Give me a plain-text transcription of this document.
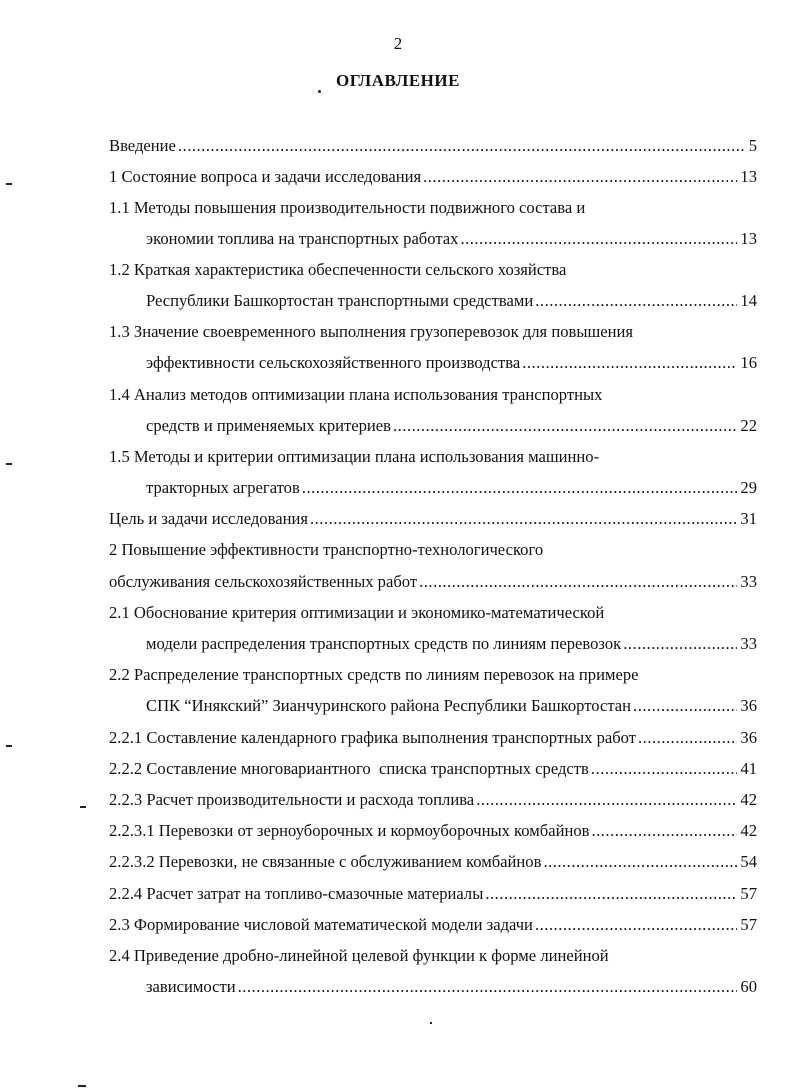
2
ОГЛАВЛЕНИЕ
Введение .....	5
1 Состояние вопроса и задачи исследования .....	13
1.1 Методы повышения производительности подвижного состава и
экономии топлива на транспортных работах .....	13
1.2 Краткая характеристика обеспеченности сельского хозяйства
Республики Башкортостан транспортными средствами .....	14
1.3 Значение своевременного выполнения грузоперевозок для повышения
эффективности сельскохозяйственного производства .....	16
1.4 Анализ методов оптимизации плана использования транспортных
средств и применяемых критериев .....	22
1.5 Методы и критерии оптимизации плана использования машинно-
тракторных агрегатов .....	29
Цель и задачи исследования .....	31
2 Повышение эффективности транспортно-технологического
обслуживания сельскохозяйственных работ .....	33
2.1 Обоснование критерия оптимизации и экономико-математической
модели распределения транспортных средств по линиям перевозок .....	33
2.2 Распределение транспортных средств по линиям перевозок на примере
СПК “Инякский” Зианчуринского района Республики Башкортостан .....	36
2.2.1 Составление календарного графика выполнения транспортных работ .....	36
2.2.2 Составление многовариантного  списка транспортных средств .....	41
2.2.3 Расчет производительности и расхода топлива .....	42
2.2.3.1 Перевозки от зерноуборочных и кормоуборочных комбайнов .....	42
2.2.3.2 Перевозки, не связанные с обслуживанием комбайнов .....	54
2.2.4 Расчет затрат на топливо-смазочные материалы .....	57
2.3 Формирование числовой математической модели задачи .....	57
2.4 Приведение дробно-линейной целевой функции к форме линейной
зависимости .....	60
